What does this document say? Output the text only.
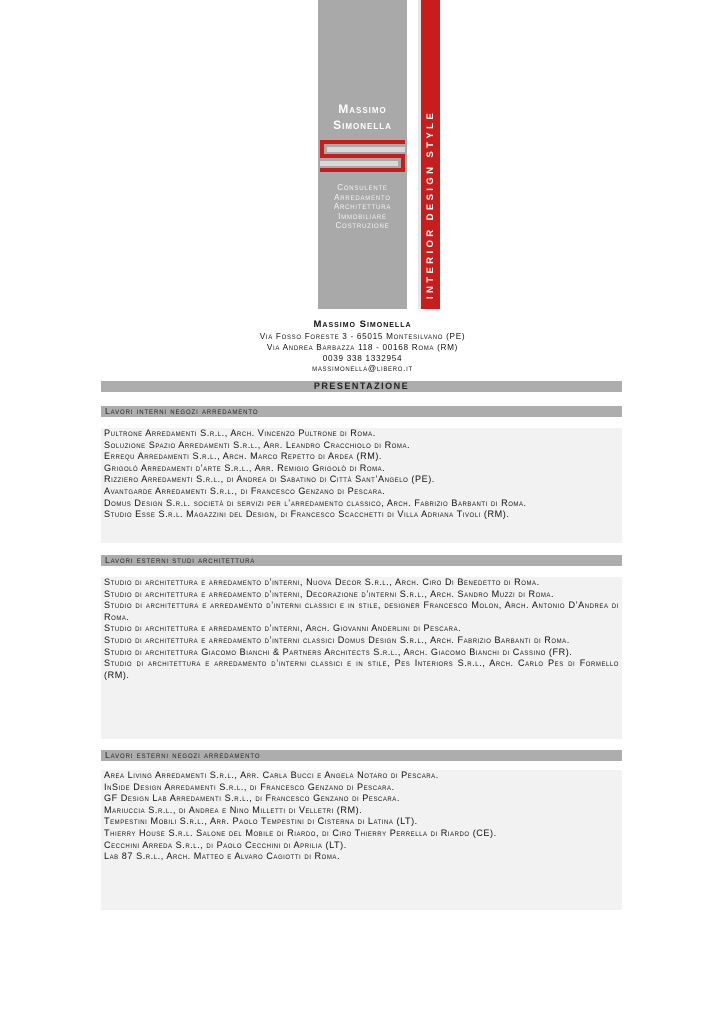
Massimo
Simonella
Consulente
Arredamento
Architettura
Immobiliare
Costruzione	INTERIOR DESIGN STYLE
Massimo Simonella
Via Fosso Foreste 3 - 65015 Montesilvano (PE)
Via Andrea Barbazza 118 - 00168 Roma (RM)
0039 338 1332954
massimonella@libero.it
PRESENTAZIONE
Lavori interni negozi arredamento

Pultrone Arredamenti S.r.l., Arch. Vincenzo Pultrone di Roma.

Soluzione Spazio Arredamenti S.r.l., Arr. Leandro Cracchiolo di Roma.

Errequ Arredamenti S.r.l., Arch. Marco Repetto di Ardea (RM).

Grigolò Arredamenti d’arte S.r.l., Arr. Remigio Grigolò di Roma.

Rizziero Arredamenti S.r.l., di Andrea di Sabatino di Città Sant’Angelo (PE).

Avantgarde Arredamenti S.r.l., di Francesco Genzano di Pescara.

Domus Design S.r.l. società di servizi per l’arredamento classico, Arch. Fabrizio Barbanti di Roma.

Studio Esse S.r.l. Magazzini del Design, di Francesco Scacchetti di Villa Adriana Tivoli (RM).

Lavori esterni studi architettura

Studio di architettura e arredamento d’interni, Nuova Decor S.r.l., Arch. Ciro Di Benedetto di Roma.

Studio di architettura e arredamento d’interni, Decorazione d’interni S.r.l., Arch. Sandro Muzzi di Roma.

Studio di architettura e arredamento d’interni classici e in stile, designer Francesco Molon, Arch. Antonio D’Andrea di Roma.

Studio di architettura e arredamento d’interni, Arch. Giovanni Anderlini di Pescara.

Studio di architettura e arredamento d’interni classici Domus Design S.r.l., Arch. Fabrizio Barbanti di Roma.

Studio di architettura Giacomo Bianchi & Partners Architects S.r.l., Arch. Giacomo Bianchi di Cassino (FR).

Studio di architettura e arredamento d’interni classici e in stile, Pes Interiors S.r.l., Arch. Carlo Pes di Formello (RM).

Lavori esterni negozi arredamento

Area Living Arredamenti S.r.l., Arr. Carla Bucci e Angela Notaro di Pescara.

InSide Design Arredamenti S.r.l., di Francesco Genzano di Pescara.

GF Design Lab Arredamenti S.r.l., di Francesco Genzano di Pescara.

Mariuccia S.r.l., di Andrea e Nino Milletti di Velletri (RM).

Tempestini Mobili S.r.l., Arr. Paolo Tempestini di Cisterna di Latina (LT).

Thierry House S.r.l. Salone del Mobile di Riardo, di Ciro Thierry Perrella di Riardo (CE).

Cecchini Arreda S.r.l., di Paolo Cecchini di Aprilia (LT).

Lab 87 S.r.l., Arch. Matteo e Alvaro Cagiotti di Roma.
